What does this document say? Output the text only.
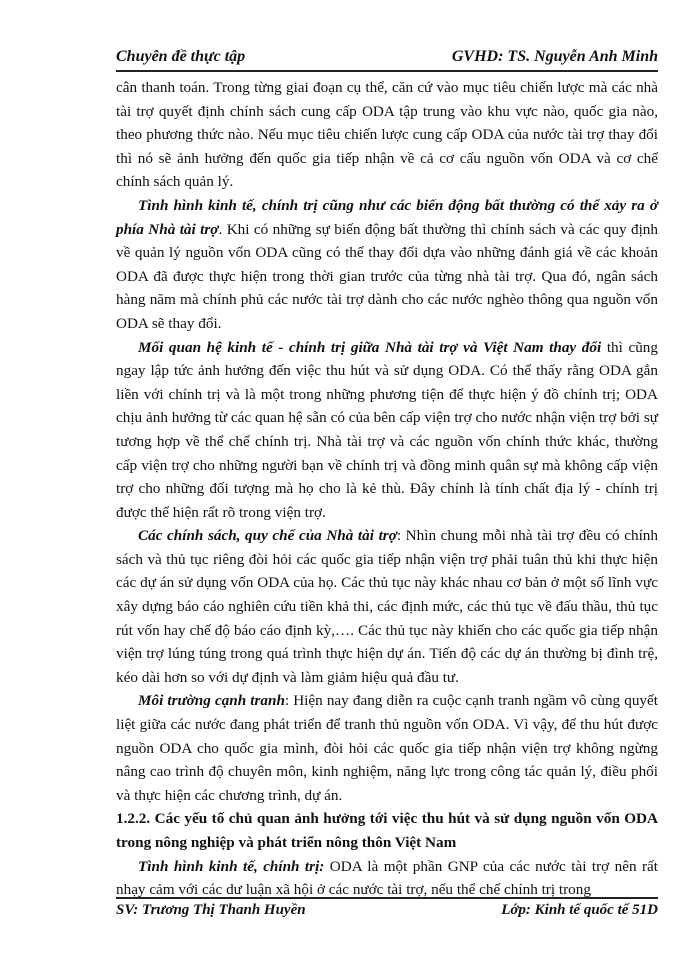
Chuyên đề thực tập	GVHD: TS. Nguyễn Anh Minh

cân thanh toán. Trong từng giai đoạn cụ thể, căn cứ vào mục tiêu chiến lược mà các nhà tài trợ quyết định chính sách cung cấp ODA tập trung vào khu vực nào, quốc gia nào, theo phương thức nào. Nếu mục tiêu chiến lược cung cấp ODA của nước tài trợ thay đổi thì nó sẽ ảnh hưởng đến quốc gia tiếp nhận về cả cơ cấu nguồn vốn ODA và cơ chế chính sách quản lý.

Tình hình kinh tế, chính trị cũng như các biến động bất thường có thể xảy ra ở phía Nhà tài trợ. Khi có những sự biến động bất thường thì chính sách và các quy định về quản lý nguồn vốn ODA cũng có thể thay đổi dựa vào những đánh giá về các khoản ODA đã được thực hiện trong thời gian trước của từng nhà tài trợ. Qua đó, ngân sách hàng năm mà chính phủ các nước tài trợ dành cho các nước nghèo thông qua nguồn vốn ODA sẽ thay đổi.

Mối quan hệ kinh tế - chính trị giữa Nhà tài trợ và Việt Nam thay đổi thì cũng ngay lập tức ảnh hưởng đến việc thu hút và sử dụng ODA. Có thể thấy rằng ODA gắn liền với chính trị và là một trong những phương tiện để thực hiện ý đồ chính trị; ODA chịu ảnh hưởng từ các quan hệ sẵn có của bên cấp viện trợ cho nước nhận viện trợ bởi sự tương hợp về thể chế chính trị. Nhà tài trợ và các nguồn vốn chính thức khác, thường cấp viện trợ cho những người bạn về chính trị và đồng minh quân sự mà không cấp viện trợ cho những đối tượng mà họ cho là kẻ thù. Đây chính là tính chất địa lý - chính trị được thể hiện rất rõ trong viện trợ.

Các chính sách, quy chế của Nhà tài trợ: Nhìn chung mỗi nhà tài trợ đều có chính sách và thủ tục riêng đòi hỏi các quốc gia tiếp nhận viện trợ phải tuân thủ khi thực hiện các dự án sử dụng vốn ODA của họ. Các thủ tục này khác nhau cơ bản ở một số lĩnh vực xây dựng báo cáo nghiên cứu tiền khả thi, các định mức, các thủ tục về đấu thầu, thủ tục rút vốn hay chế độ báo cáo định kỳ,…. Các thủ tục này khiến cho các quốc gia tiếp nhận viện trợ lúng túng trong quá trình thực hiện dự án. Tiến độ các dự án thường bị đình trệ, kéo dài hơn so với dự định và làm giảm hiệu quả đầu tư.

Môi trường cạnh tranh: Hiện nay đang diễn ra cuộc cạnh tranh ngầm vô cùng quyết liệt giữa các nước đang phát triển để tranh thủ nguồn vốn ODA. Vì vậy, để thu hút được nguồn ODA cho quốc gia mình, đòi hỏi các quốc gia tiếp nhận viện trợ không ngừng nâng cao trình độ chuyên môn, kinh nghiệm, năng lực trong công tác quản lý, điều phối và thực hiện các chương trình, dự án.

1.2.2. Các yếu tố chủ quan ảnh hưởng tới việc thu hút và sử dụng nguồn vốn ODA trong nông nghiệp và phát triển nông thôn Việt Nam

Tình hình kinh tế, chính trị: ODA là một phần GNP của các nước tài trợ nên rất nhạy cảm với các dư luận xã hội ở các nước tài trợ, nếu thể chế chính trị trong

SV: Trương Thị Thanh Huyền	Lớp: Kinh tế quốc tế 51D
